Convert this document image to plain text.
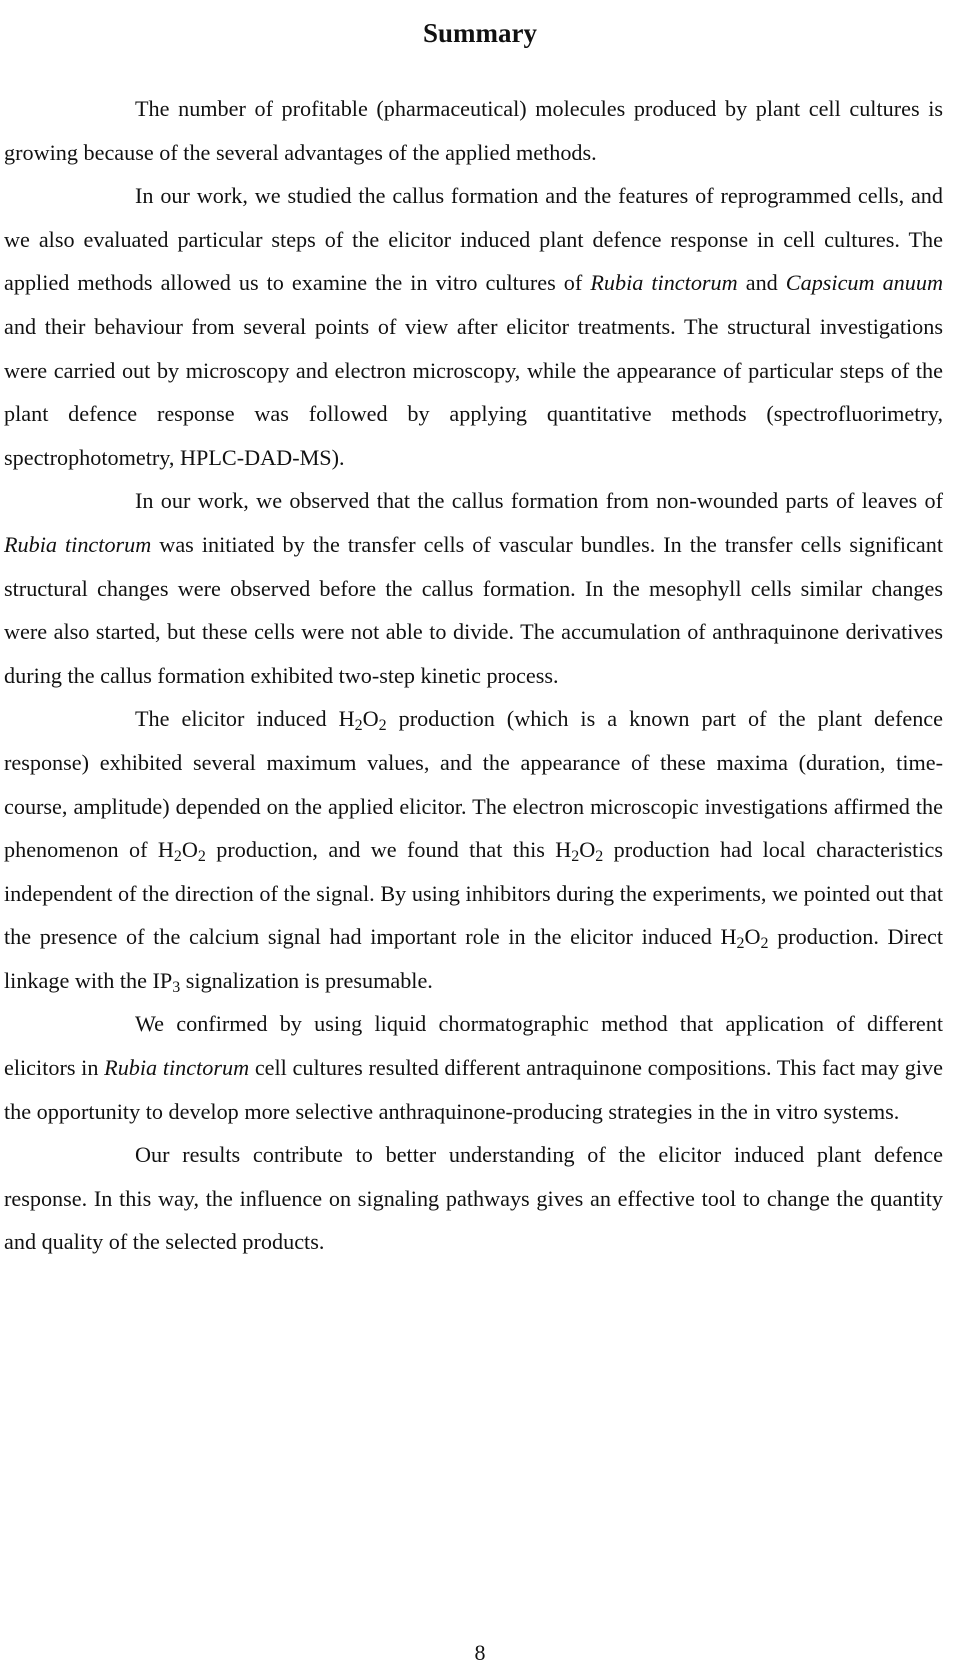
Summary

The number of profitable (pharmaceutical) molecules produced by plant cell cultures is growing because of the several advantages of the applied methods.

In our work, we studied the callus formation and the features of reprogrammed cells, and we also evaluated particular steps of the elicitor induced plant defence response in cell cultures. The applied methods allowed us to examine the in vitro cultures of Rubia tinctorum and Capsicum anuum and their behaviour from several points of view after elicitor treatments. The structural investigations were carried out by microscopy and electron microscopy, while the appearance of particular steps of the plant defence response was followed by applying quantitative methods (spectrofluorimetry, spectrophotometry, HPLC-DAD-MS).

In our work, we observed that the callus formation from non-wounded parts of leaves of Rubia tinctorum was initiated by the transfer cells of vascular bundles. In the transfer cells significant structural changes were observed before the callus formation. In the mesophyll cells similar changes were also started, but these cells were not able to divide. The accumulation of anthraquinone derivatives during the callus formation exhibited two-step kinetic process.

The elicitor induced $H_2O_2$ production (which is a known part of the plant defence response) exhibited several maximum values, and the appearance of these maxima (duration, time-course, amplitude) depended on the applied elicitor. The electron microscopic investigations affirmed the phenomenon of $H_2O_2$ production, and we found that this $H_2O_2$ production had local characteristics independent of the direction of the signal. By using inhibitors during the experiments, we pointed out that the presence of the calcium signal had important role in the elicitor induced $H_2O_2$ production. Direct linkage with the $IP_3$ signalization is presumable.

We confirmed by using liquid chormatographic method that application of different elicitors in Rubia tinctorum cell cultures resulted different antraquinone compositions. This fact may give the opportunity to develop more selective anthraquinone-producing strategies in the in vitro systems.

Our results contribute to better understanding of the elicitor induced plant defence response. In this way, the influence on signaling pathways gives an effective tool to change the quantity and quality of the selected products.

8
